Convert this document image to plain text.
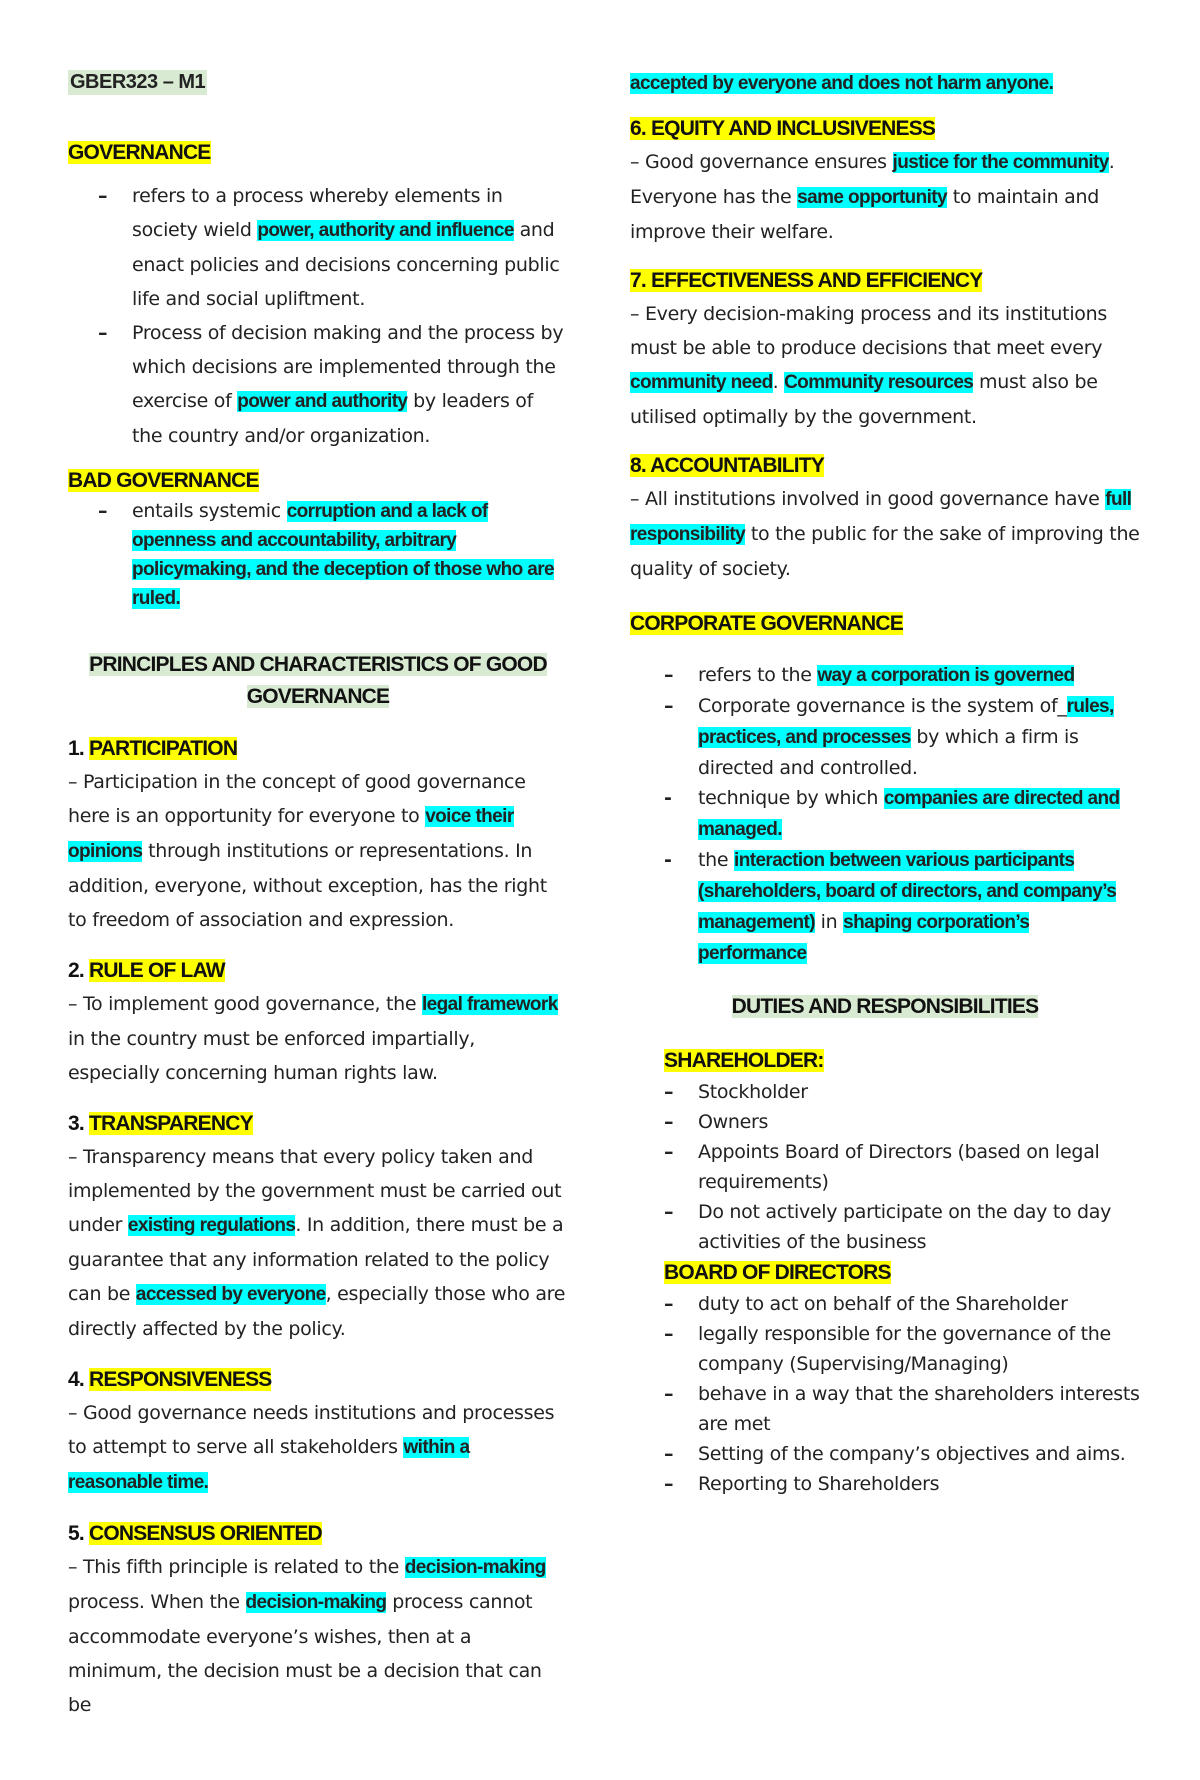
GBER323 – M1
GOVERNANCE
– refers to a process whereby elements in society wield power, authority and influence and enact policies and decisions concerning public life and social upliftment.
– Process of decision making and the process by which decisions are implemented through the exercise of power and authority by leaders of the country and/or organization.
BAD GOVERNANCE
– entails systemic corruption and a lack of openness and accountability, arbitrary policymaking, and the deception of those who are ruled.
PRINCIPLES AND CHARACTERISTICS OF GOOD GOVERNANCE
1. PARTICIPATION

– Participation in the concept of good governance here is an opportunity for everyone to voice their opinions through institutions or representations. In addition, everyone, without exception, has the right to freedom of association and expression.

2. RULE OF LAW

– To implement good governance, the legal framework in the country must be enforced impartially, especially concerning human rights law.

3. TRANSPARENCY

– Transparency means that every policy taken and implemented by the government must be carried out under existing regulations. In addition, there must be a guarantee that any information related to the policy can be accessed by everyone, especially those who are directly affected by the policy.

4. RESPONSIVENESS

– Good governance needs institutions and processes to attempt to serve all stakeholders within a reasonable time.

5. CONSENSUS ORIENTED

– This fifth principle is related to the decision-making process. When the decision-making process cannot accommodate everyone’s wishes, then at a minimum, the decision must be a decision that can be

accepted by everyone and does not harm anyone.

6. EQUITY AND INCLUSIVENESS

– Good governance ensures justice for the community. Everyone has the same opportunity to maintain and improve their welfare.

7. EFFECTIVENESS AND EFFICIENCY

– Every decision-making process and its institutions must be able to produce decisions that meet every community need. Community resources must also be utilised optimally by the government.

8. ACCOUNTABILITY

– All institutions involved in good governance have full responsibility to the public for the sake of improving the quality of society.

CORPORATE GOVERNANCE
– refers to the way a corporation is governed
– Corporate governance is the system of_rules, practices, and processes by which a firm is directed and controlled.
- technique by which companies are directed and managed.
- the interaction between various participants (shareholders, board of directors, and company’s management) in shaping corporation’s performance
DUTIES AND RESPONSIBILITIES
SHAREHOLDER:
– Stockholder
– Owners
– Appoints Board of Directors (based on legal requirements)
– Do not actively participate on the day to day activities of the business
BOARD OF DIRECTORS
– duty to act on behalf of the Shareholder
– legally responsible for the governance of the company (Supervising/Managing)
– behave in a way that the shareholders interests are met
– Setting of the company’s objectives and aims.
– Reporting to Shareholders
